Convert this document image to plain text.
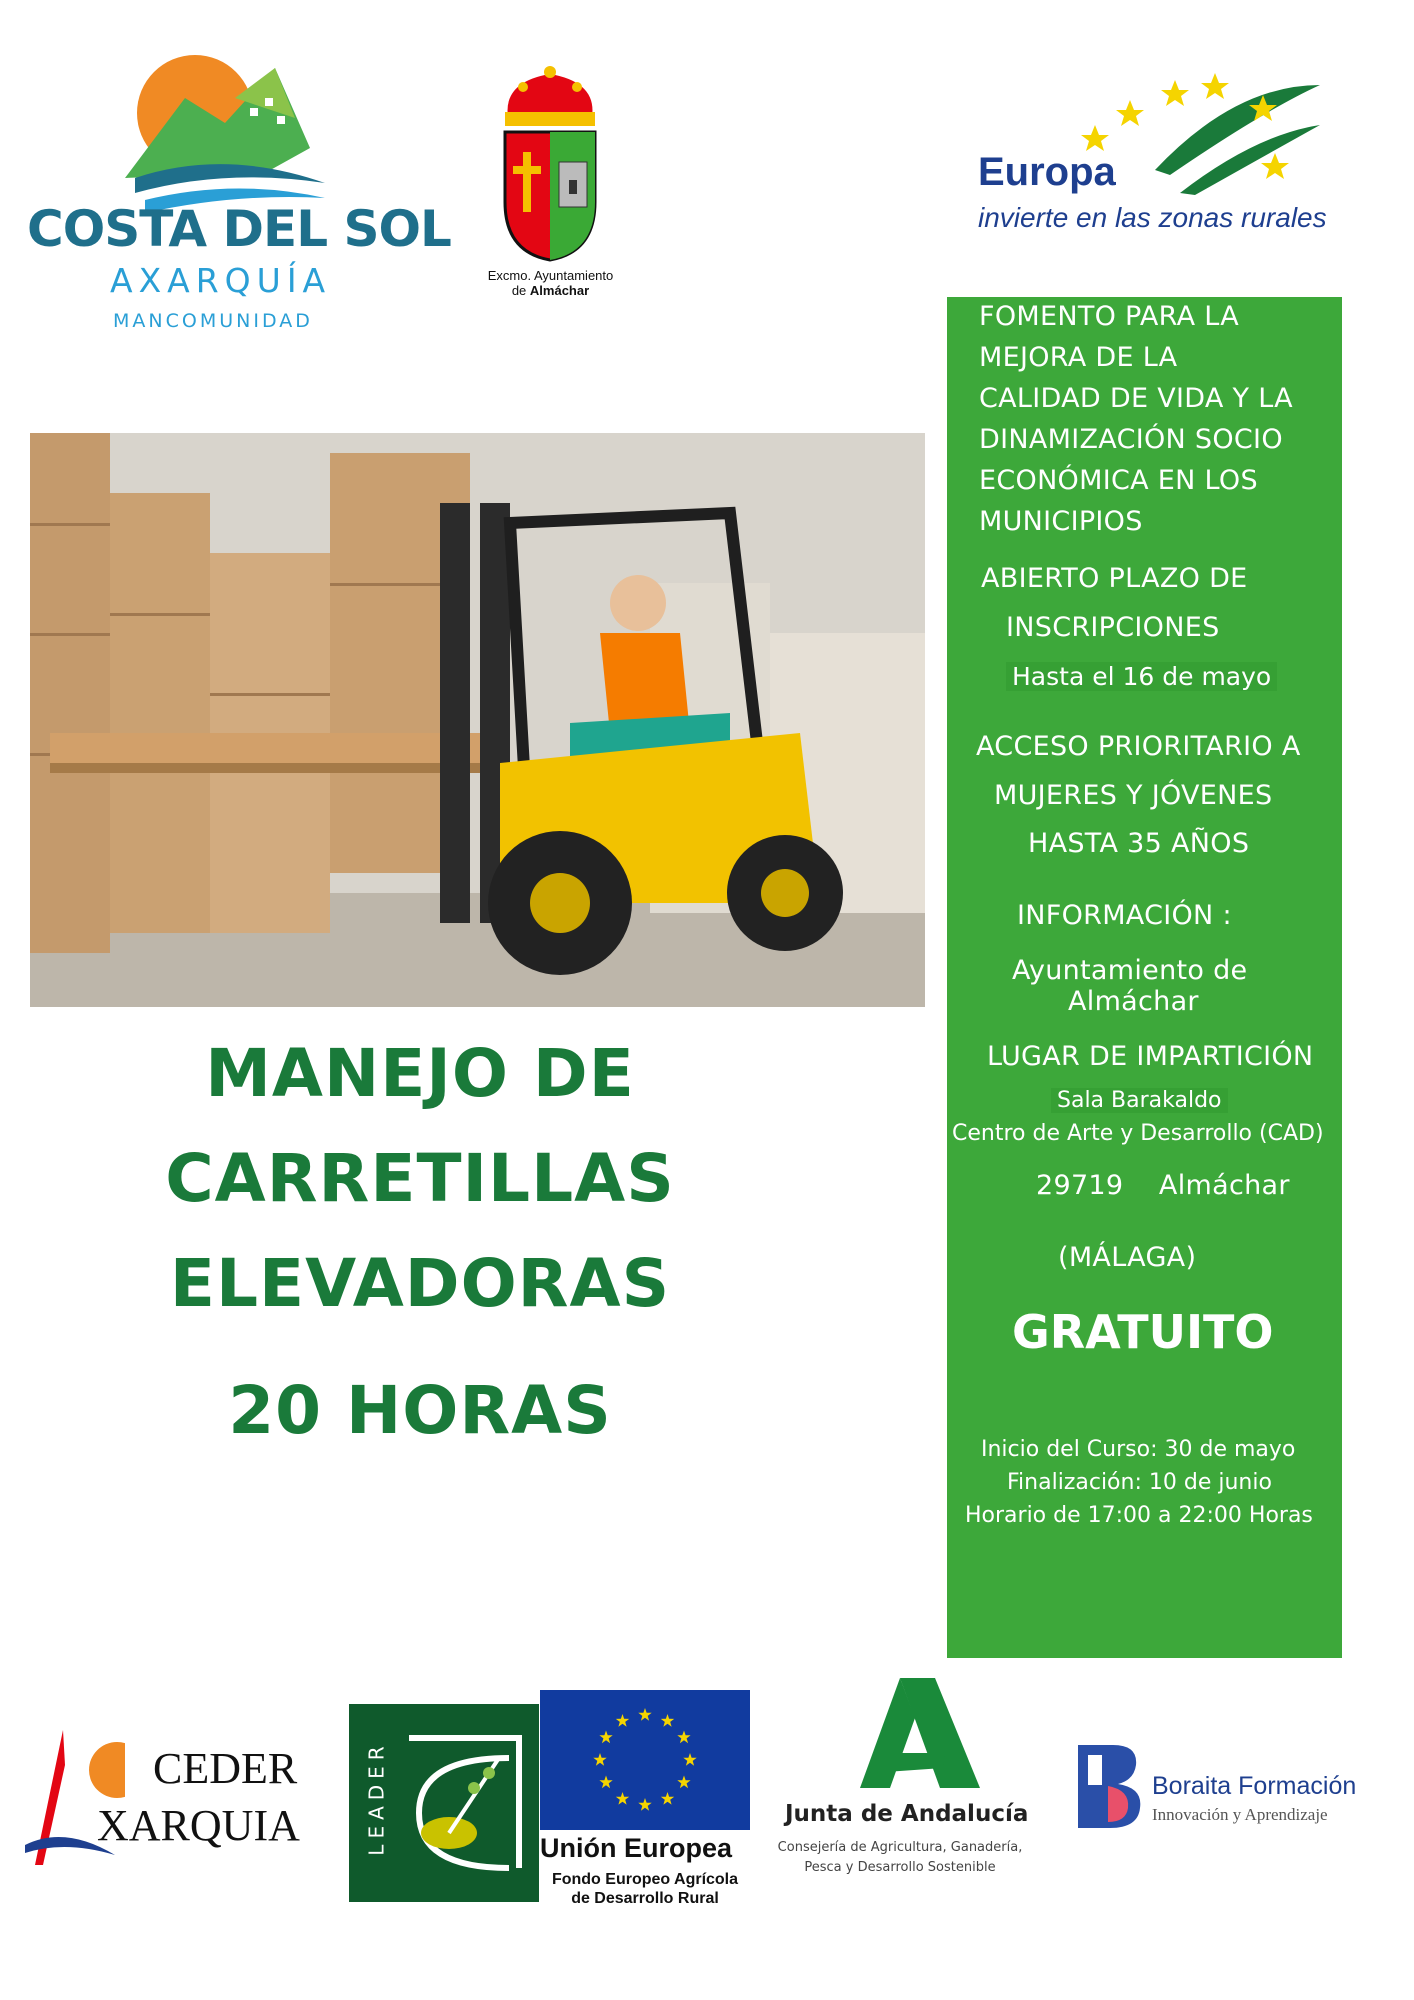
COSTA DEL SOL
AXARQUÍA
MANCOMUNIDAD
Excmo. Ayuntamiento
de Almáchar
Europa
invierte en las zonas rurales
MANEJO DE
CARRETILLAS
ELEVADORAS
20 HORAS
FOMENTO PARA LA
MEJORA DE LA
CALIDAD DE VIDA Y LA
DINAMIZACIÓN SOCIO
ECONÓMICA EN LOS
MUNICIPIOS
ABIERTO PLAZO DE
INSCRIPCIONES
Hasta el 16 de mayo
ACCESO PRIORITARIO A
MUJERES Y JÓVENES
HASTA 35 AÑOS
INFORMACIÓN :
Ayuntamiento de
Almáchar
LUGAR DE IMPARTICIÓN
Sala Barakaldo
Centro de Arte y Desarrollo (CAD)
29719    Almáchar
(MÁLAGA)
GRATUITO
Inicio del Curso: 30 de mayo
Finalización: 10 de junio
Horario de 17:00 a 22:00 Horas
CEDER
XARQUIA	LEADER	Unión Europea
Fondo Europeo Agrícola
de Desarrollo Rural
Junta de Andalucía
Consejería de Agricultura, Ganadería,
Pesca y Desarrollo Sostenible
Boraita Formación
Innovación y Aprendizaje
